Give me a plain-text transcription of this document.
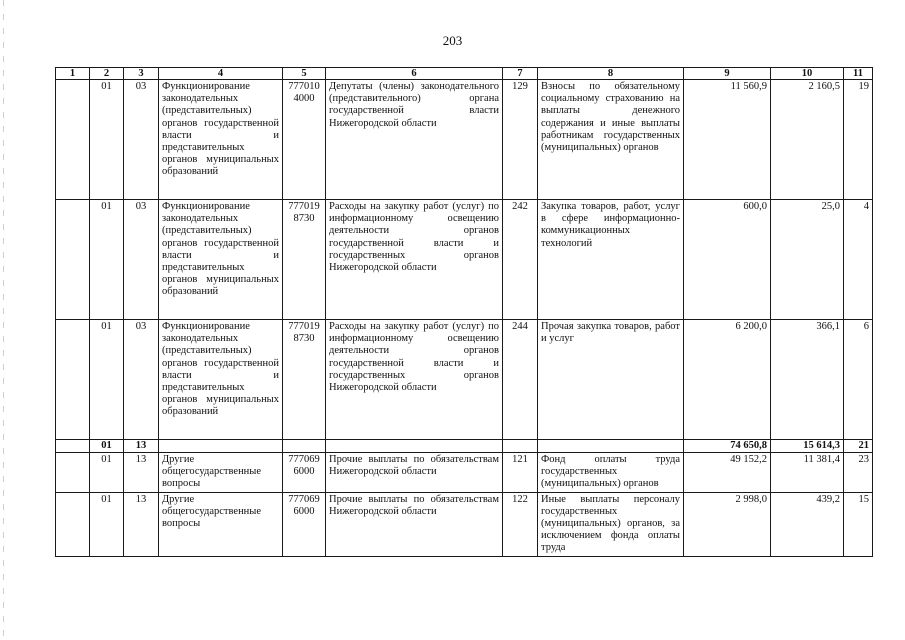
203
1	2	3	4	5	6	7	8	9	10	11
	01	03	Функционирование законодательных (представительных) органов государственной власти и представительных органов муниципальных образований	7770104000	Депутаты (члены) законодательного (представительного) органа государственной власти Нижегородской области	129	Взносы по обязательному социальному страхованию на выплаты денежного содержания и иные выплаты работникам государственных (муниципальных) органов	11 560,9	2 160,5	19
	01	03	Функционирование законодательных (представительных) органов государственной власти и представительных органов муниципальных образований	7770198730	Расходы на закупку работ (услуг) по информационному освещению деятельности органов государственной власти и государственных органов Нижегородской области	242	Закупка товаров, работ, услуг в сфере информационно-коммуникационных технологий	600,0	25,0	4
	01	03	Функционирование законодательных (представительных) органов государственной власти и представительных органов муниципальных образований	7770198730	Расходы на закупку работ (услуг) по информационному освещению деятельности органов государственной власти и государственных органов Нижегородской области	244	Прочая закупка товаров, работ и услуг	6 200,0	366,1	6
	01	13						74 650,8	15 614,3	21
	01	13	Другие общегосударственные вопросы	7770696000	Прочие выплаты по обязательствам Нижегородской области	121	Фонд оплаты труда государственных (муниципальных) органов	49 152,2	11 381,4	23
	01	13	Другие общегосударственные вопросы	7770696000	Прочие выплаты по обязательствам Нижегородской области	122	Иные выплаты персоналу государственных (муниципальных) органов, за исключением фонда оплаты труда	2 998,0	439,2	15
